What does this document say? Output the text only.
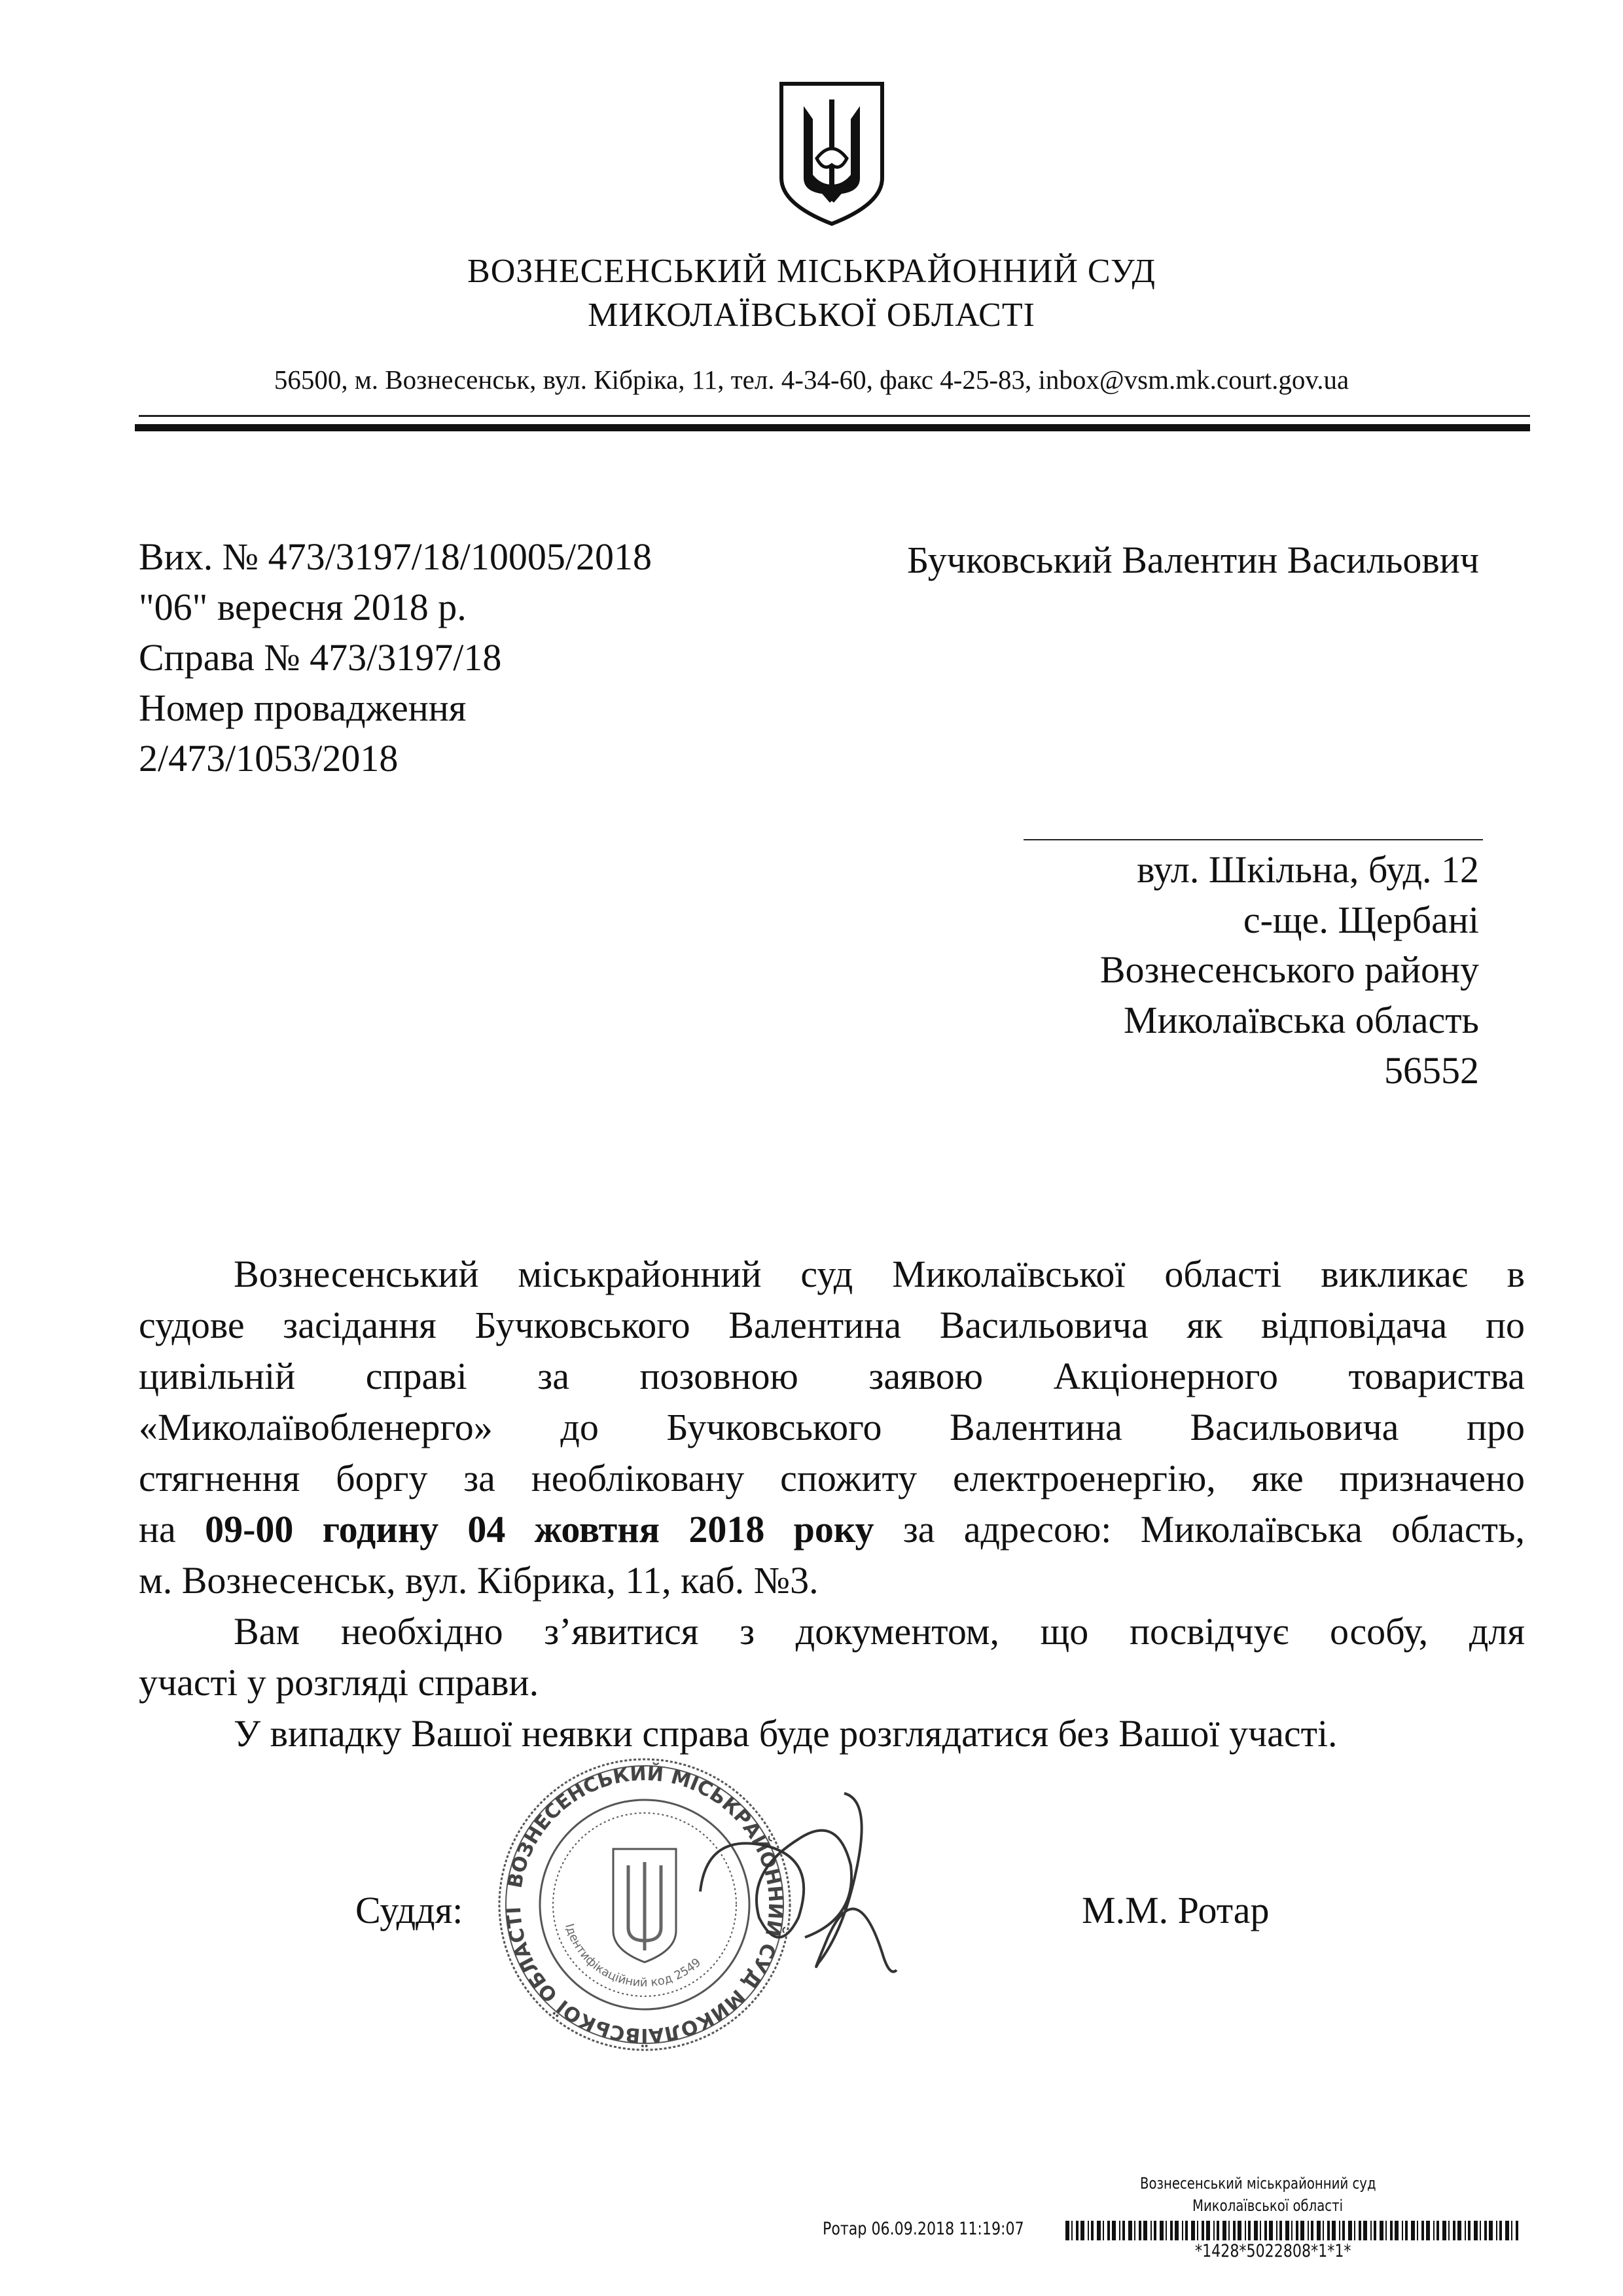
ВОЗНЕСЕНСЬКИЙ МІСЬКРАЙОННИЙ СУД
МИКОЛАЇВСЬКОЇ ОБЛАСТІ
56500, м. Вознесенськ, вул. Кібріка, 11, тел. 4-34-60, факс 4-25-83, inbox@vsm.mk.court.gov.ua
Вих. № 473/3197/18/10005/2018
"06" вересня 2018 р.
Справа № 473/3197/18
Номер провадження
2/473/1053/2018
Бучковський Валентин Васильович
вул. Шкільна, буд. 12
с-ще. Щербані
Вознесенського району
Миколаївська область
56552
Вознесенський міськрайонний суд Миколаївської області викликає в
судове засідання Бучковського Валентина Васильовича як відповідача по
цивільній справі за позовною заявою Акціонерного товариства
«Миколаївобленерго» до Бучковського Валентина Васильовича про
стягнення боргу за необліковану спожиту електроенергію, яке призначено
на 09-00 годину 04 жовтня 2018 року за адресою: Миколаївська область,
м. Вознесенськ, вул. Кібрика, 11, каб. №3.
Вам необхідно з’явитися з документом, що посвідчує особу, для
участі у розгляді справи.
У випадку Вашої неявки справа буде розглядатися без Вашої участі.
Суддя:	М.М. Ротар
ВОЗНЕСЕНСЬКИЙ МІСЬКРАЙОННИЙ СУД МИКОЛАЇВСЬКОЇ ОБЛАСТІ
Ідентифікаційний код 2549
Вознесенський міськрайонний суд
Миколаївської області
Ротар 06.09.2018 11:19:07
*1428*5022808*1*1*
